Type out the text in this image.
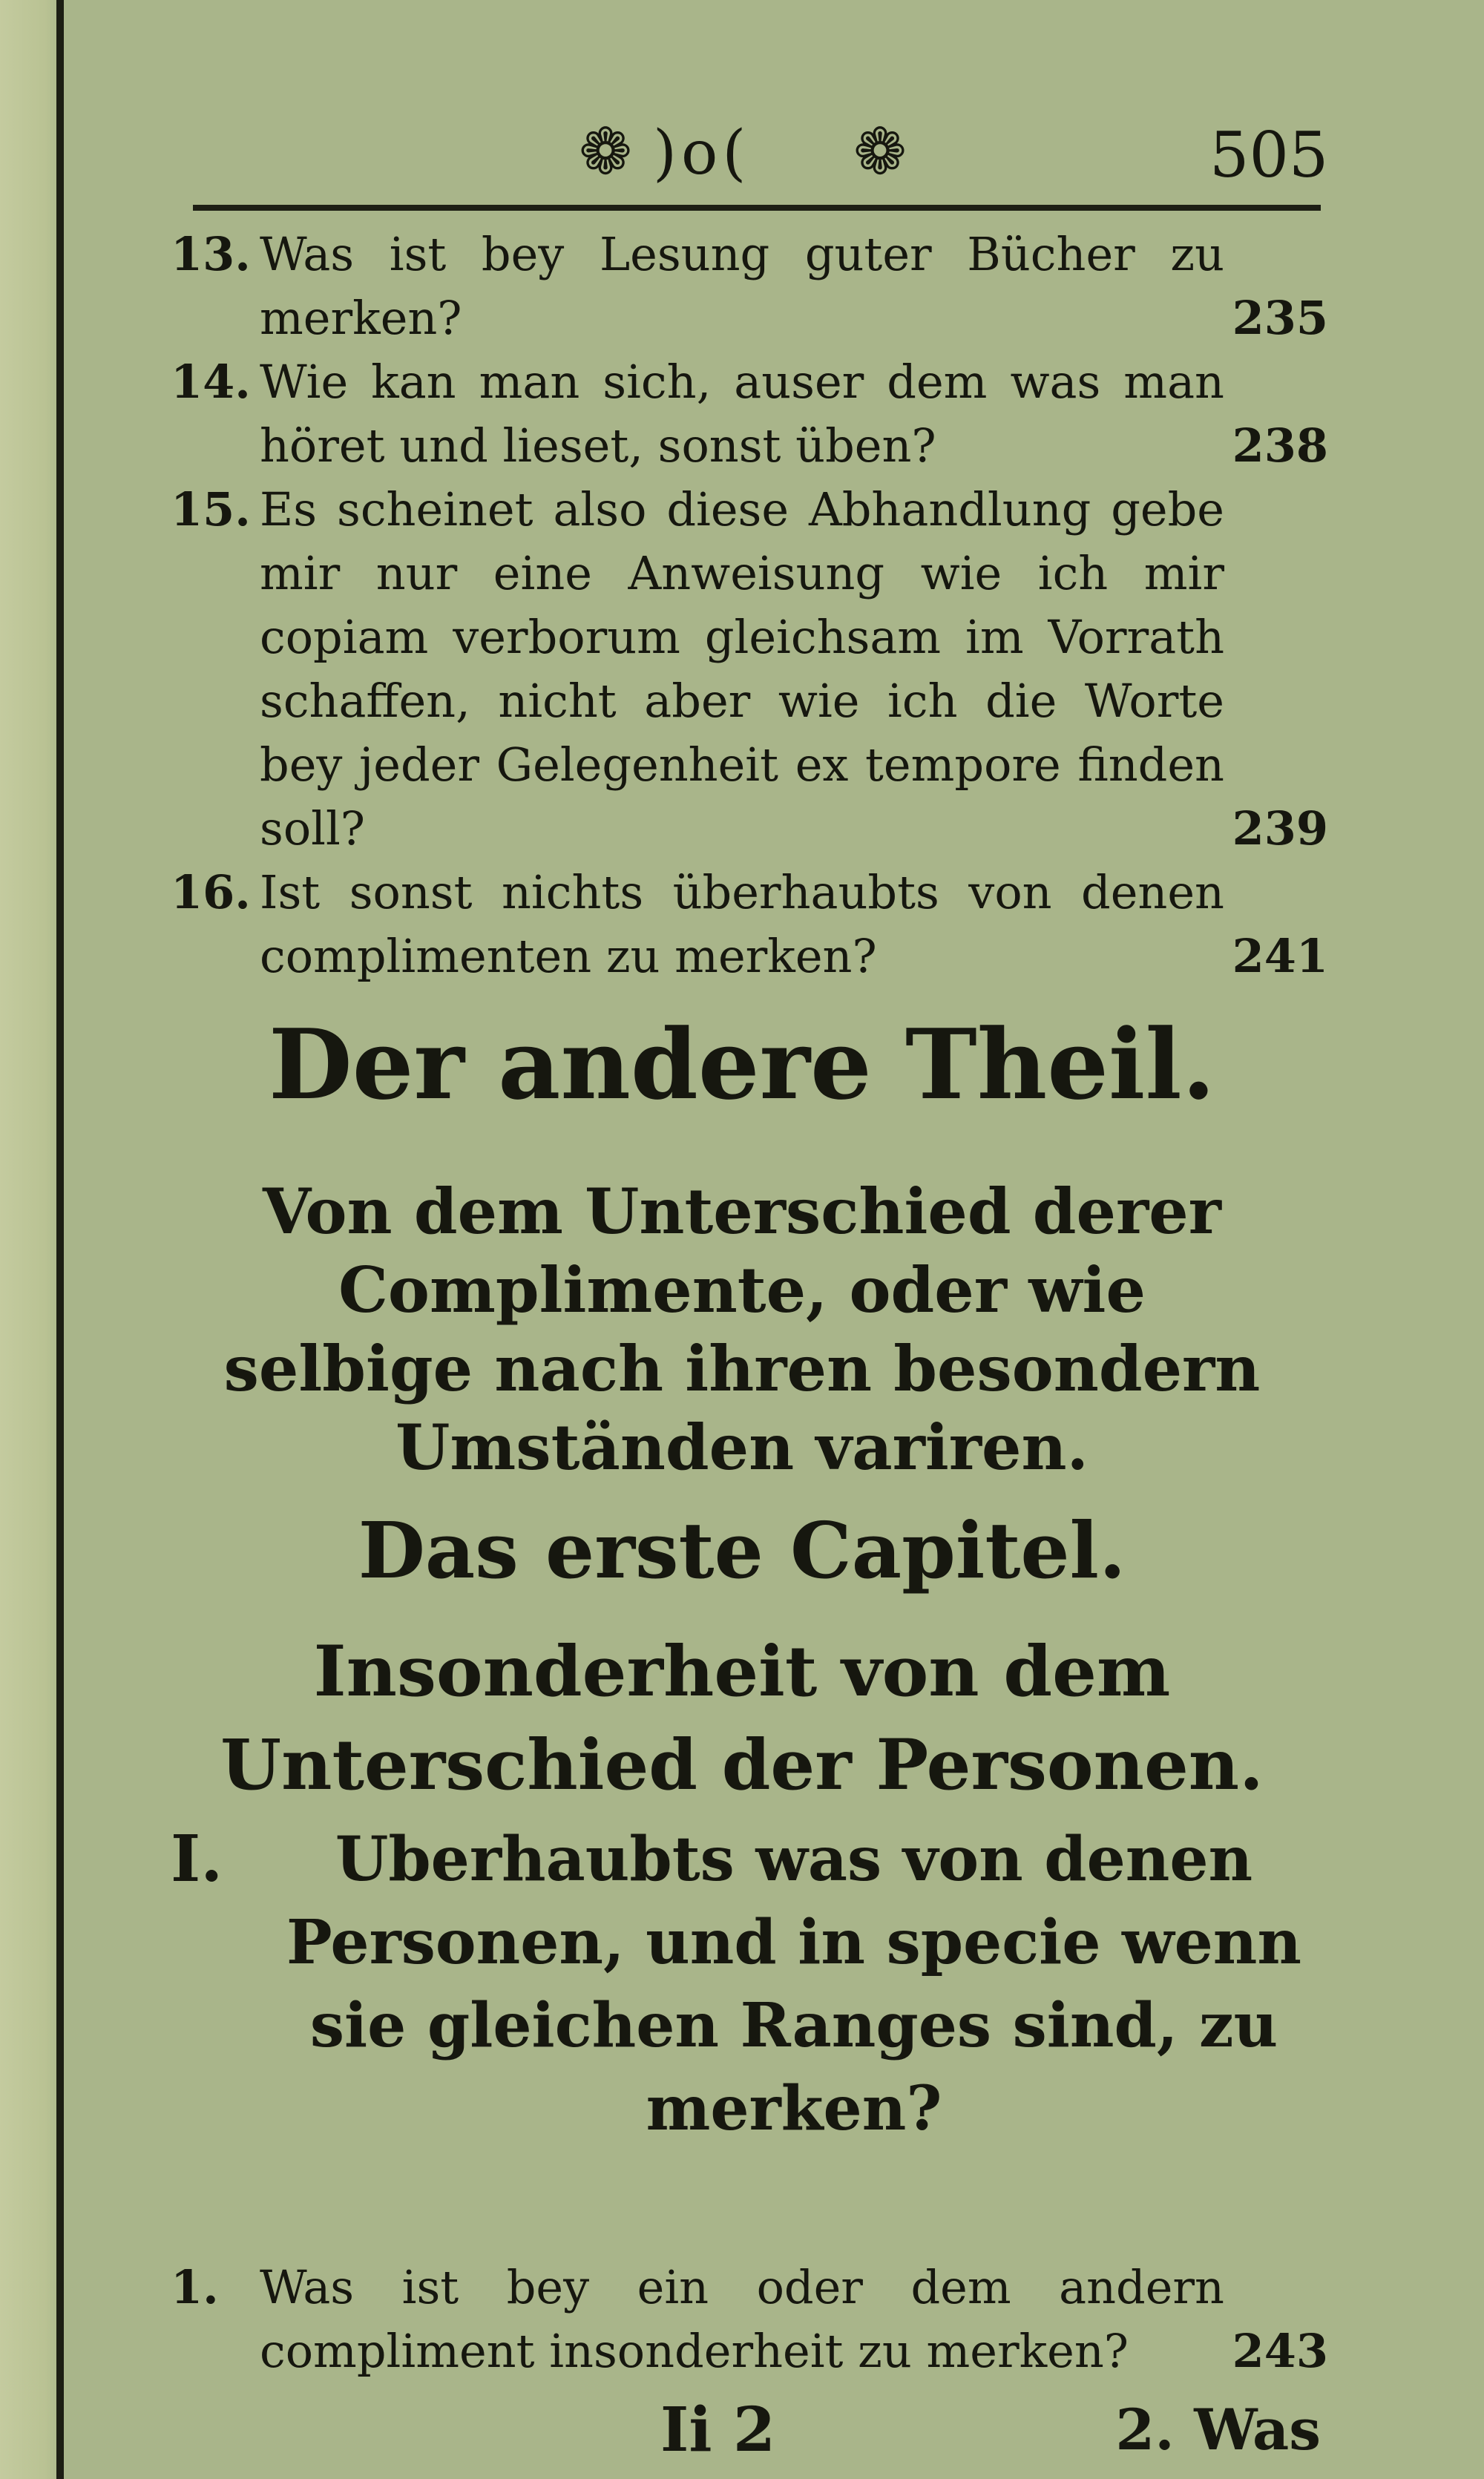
❁ )o( ❁	505
13. Was ist bey Lesung guter Bücher zu merken?	235
14. Wie kan man sich, auser dem was man höret und lieset, sonst üben?	238
15. Es scheinet also diese Abhandlung gebe mir nur eine Anweisung wie ich mir copiam verborum gleichsam im Vorrath schaffen, nicht aber wie ich die Worte bey jeder Gelegenheit ex tempore finden soll?	239
16. Ist sonst nichts überhaubts von denen complimenten zu merken?	241
Der andere Theil.
Von dem Unterschied derer Complimente, oder wie selbige nach ihren besondern Umständen variren.
Das erste Capitel.
Insonderheit von dem Unterschied der Personen.
I.	Uberhaubts was von denen Personen, und in specie wenn sie gleichen Ranges sind, zu merken?
1. Was ist bey ein oder dem andern compliment insonderheit zu merken?	243
Ii 2	2. Was
